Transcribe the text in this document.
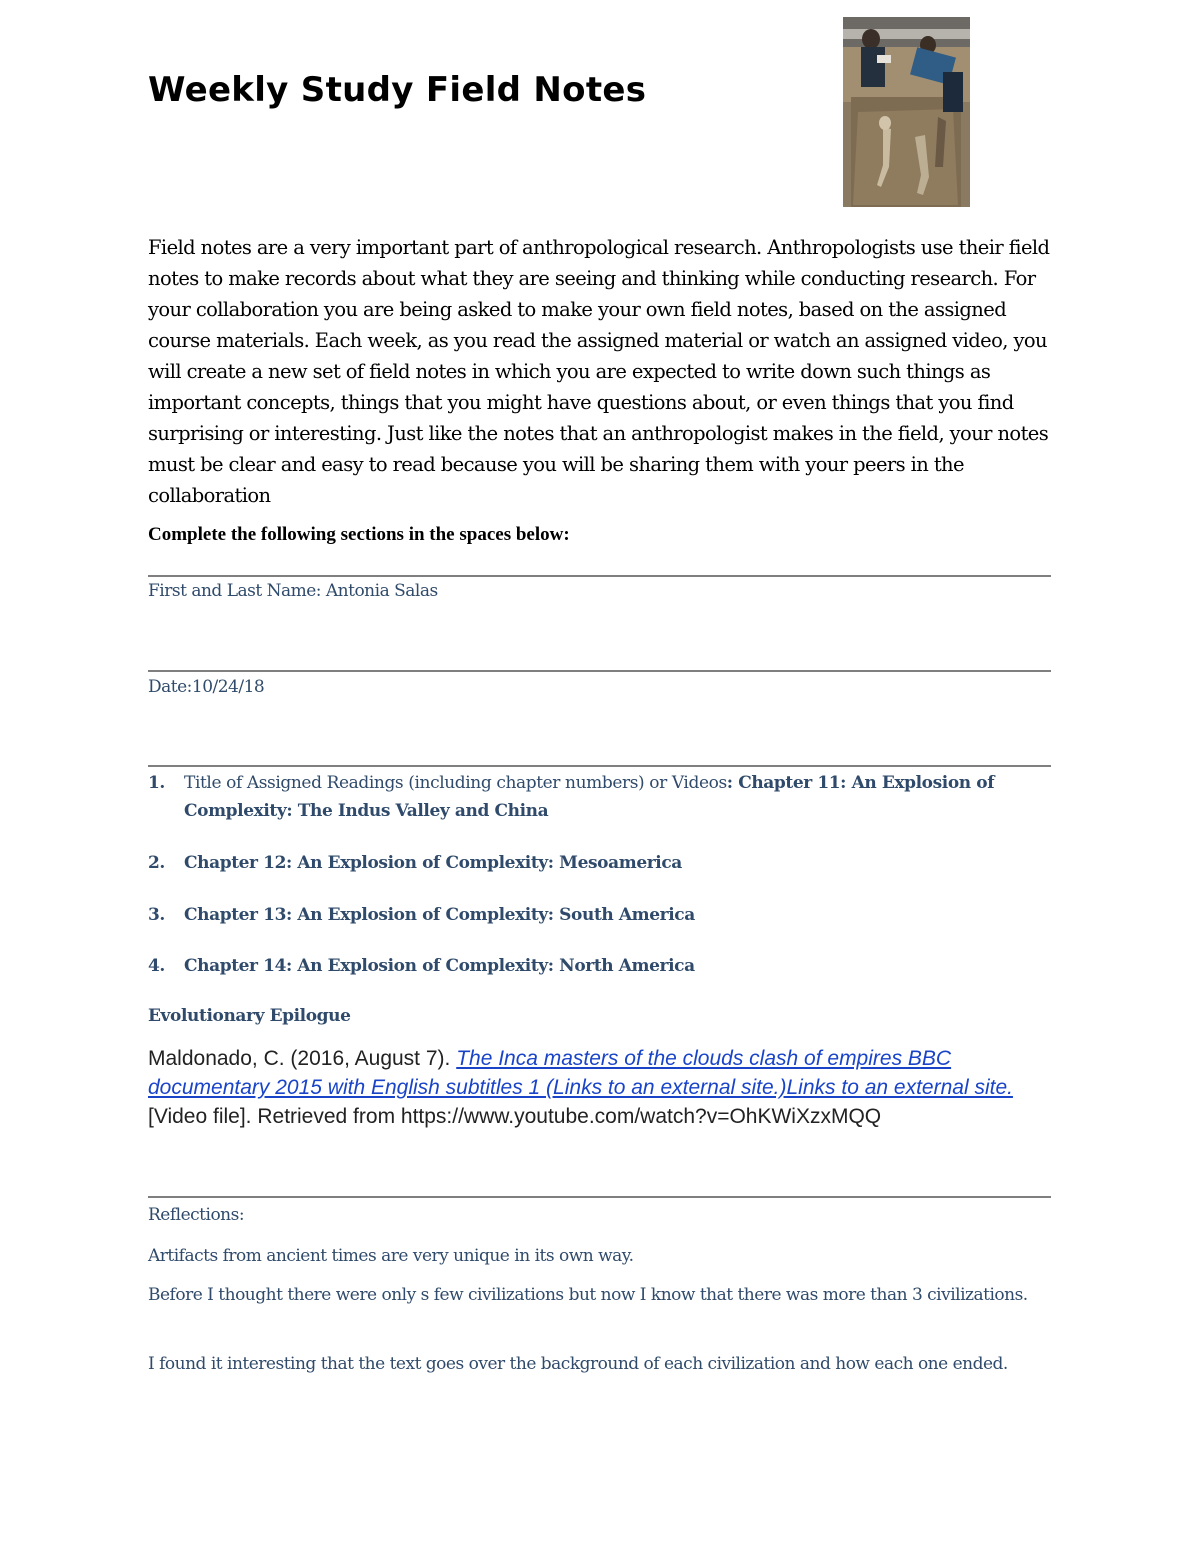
Weekly Study Field Notes

Field notes are a very important part of anthropological research. Anthropologists use their field notes to make records about what they are seeing and thinking while conducting research. For your collaboration you are being asked to make your own field notes, based on the assigned course materials. Each week, as you read the assigned material or watch an assigned video, you will create a new set of field notes in which you are expected to write down such things as important concepts, things that you might have questions about, or even things that you find surprising or interesting. Just like the notes that an anthropologist makes in the field, your notes must be clear and easy to read because you will be sharing them with your peers in the collaboration

Complete the following sections in the spaces below:

First and Last Name: Antonia Salas

Date:10/24/18

1.	Title of Assigned Readings (including chapter numbers) or Videos: Chapter 11: An Explosion of Complexity: The Indus Valley and China
2.	Chapter 12: An Explosion of Complexity: Mesoamerica
3.	Chapter 13: An Explosion of Complexity: South America
4.	Chapter 14: An Explosion of Complexity: North America

Evolutionary Epilogue

Maldonado, C. (2016, August 7). The Inca masters of the clouds clash of empires BBC documentary 2015 with English subtitles 1 (Links to an external site.)Links to an external site. [Video file]. Retrieved from https://www.youtube.com/watch?v=OhKWiXzxMQQ

Reflections:

Artifacts from ancient times are very unique in its own way.

Before I thought there were only s few civilizations but now I know that there was more than 3 civilizations.

I found it interesting that the text goes over the background of each civilization and how each one ended.
